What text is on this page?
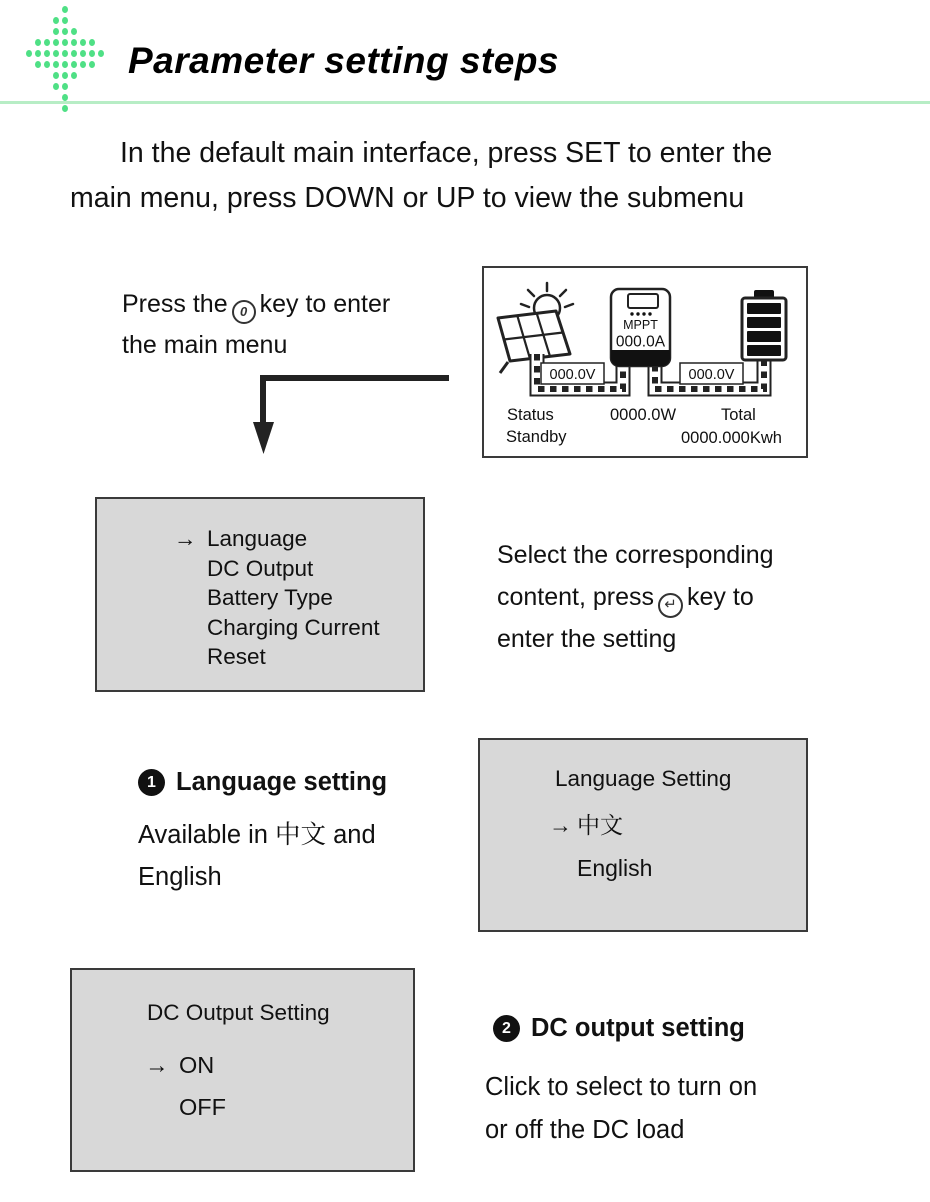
Parameter setting steps
In the default main interface, press SET to enter the
main menu, press DOWN or UP to view the submenu
Press the 0 key to enter
the main menu
MPPT
000.0A
000.0V	000.0V
Status	0000.0W	Total
Standby	0000.000Kwh
→ Language
DC Output
Battery Type
Charging Current
Reset
Select the corresponding
content, press ↵ key to
enter the setting
1 Language setting
Available in 中文 and
English
Language Setting
→ 中文
English
DC Output Setting
→ ON
OFF
2 DC output setting
Click to select to turn on
or off the DC load
